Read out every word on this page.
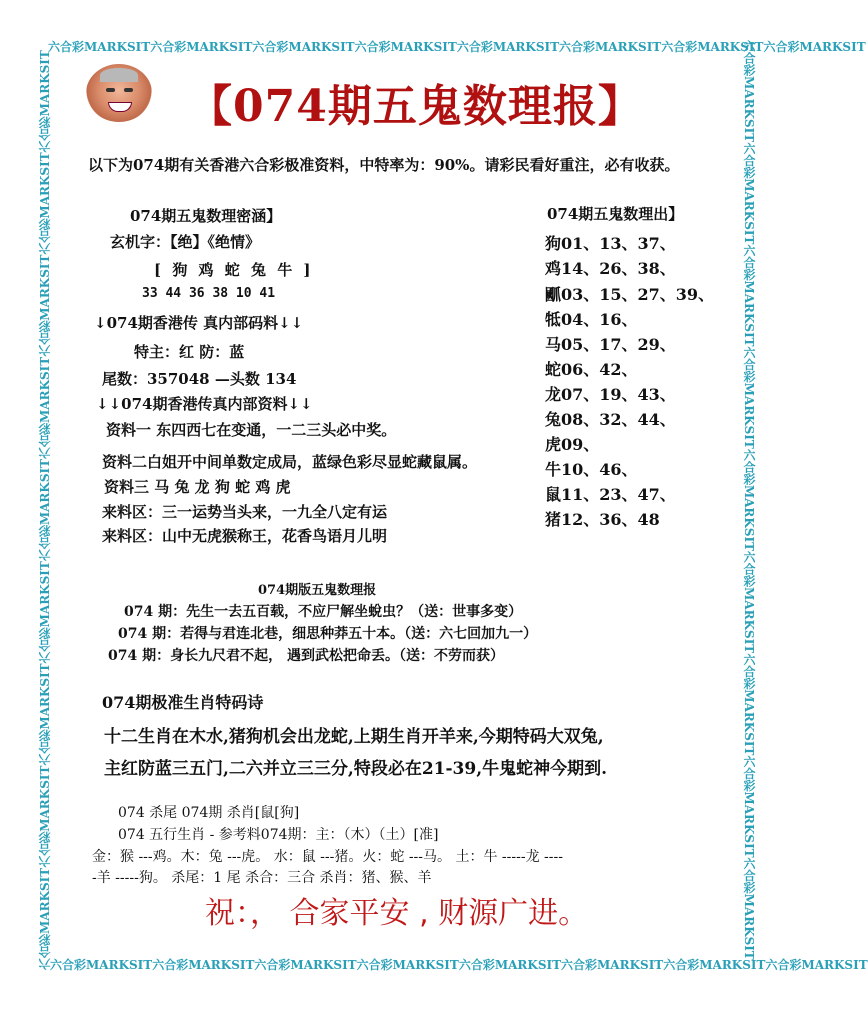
六合彩MARKSIT六合彩MARKSIT六合彩MARKSIT六合彩MARKSIT六合彩MARKSIT六合彩MARKSIT六合彩MARKSIT六合彩MARKSIT
六合彩MARKSIT六合彩MARKSIT六合彩MARKSIT六合彩MARKSIT六合彩MARKSIT六合彩MARKSIT六合彩MARKSIT六合彩MARKSIT
六合彩MARKSIT六合彩MARKSIT六合彩MARKSIT六合彩MARKSIT六合彩MARKSIT六合彩MARKSIT六合彩MARKSIT六合彩MARKSIT六合彩MARKSIT	六合彩MARKSIT六合彩MARKSIT六合彩MARKSIT六合彩MARKSIT六合彩MARKSIT六合彩MARKSIT六合彩MARKSIT六合彩MARKSIT六合彩MARKSIT
【074期五鬼数理报】
以下为074期有关香港六合彩极准资料，中特率为：90%。请彩民看好重注，必有收获。
074期五鬼数理密涵】
玄机字：【绝】《绝情》
[ 狗 鸡 蛇 兔 牛 ]
33 44 36 38 10 41
↓074期香港传 真内部码料↓↓
特主：红 防：蓝
尾数：357048 —头数 134
↓↓074期香港传真内部资料↓↓
资料一 东四西七在变通，一二三头必中奖。
资料二白姐开中间单数定成局，蓝绿色彩尽显蛇藏鼠属。
资料三 马 兔 龙 狗 蛇 鸡 虎
来料区：三一运势当头来，一九全八定有运
来料区：山中无虎猴称王，花香鸟语月儿明
074期五鬼数理出】
狗01、13、37、
鸡14、26、38、
爴03、15、27、39、
牴04、16、
马05、17、29、
蛇06、42、
龙07、19、43、
兔08、32、44、
虎09、
牛10、46、
鼠11、23、47、
猪12、36、48
074期版五鬼数理报
074 期：先生一去五百载，不应尸解坐蛻虫？（送：世事多变）
074 期：若得与君连北巷，细思种莽五十本。（送：六七回加九一）
074 期：身长九尺君不起， 遇到武松把命丢。（送：不劳而获）
074期极准生肖特码诗
十二生肖在木水,猪狗机会出龙蛇,上期生肖开羊来,今期特码大双兔,
主红防蓝三五门,二六并立三三分,特段必在21-39,牛鬼蛇神今期到.
074 杀尾 074期 杀肖[鼠[狗]
074 五行生肖 - 参考料074期：主：（木）（土）[准]
金：猴 ---鸡。木：兔 ---虎。 水：鼠 ---猪。火：蛇 ---马。 土：牛 -----龙 ----
-羊 -----狗。 杀尾：1 尾 杀合：三合 杀肖：猪、猴、羊
祝：， 合家平安 , 财源广进。
